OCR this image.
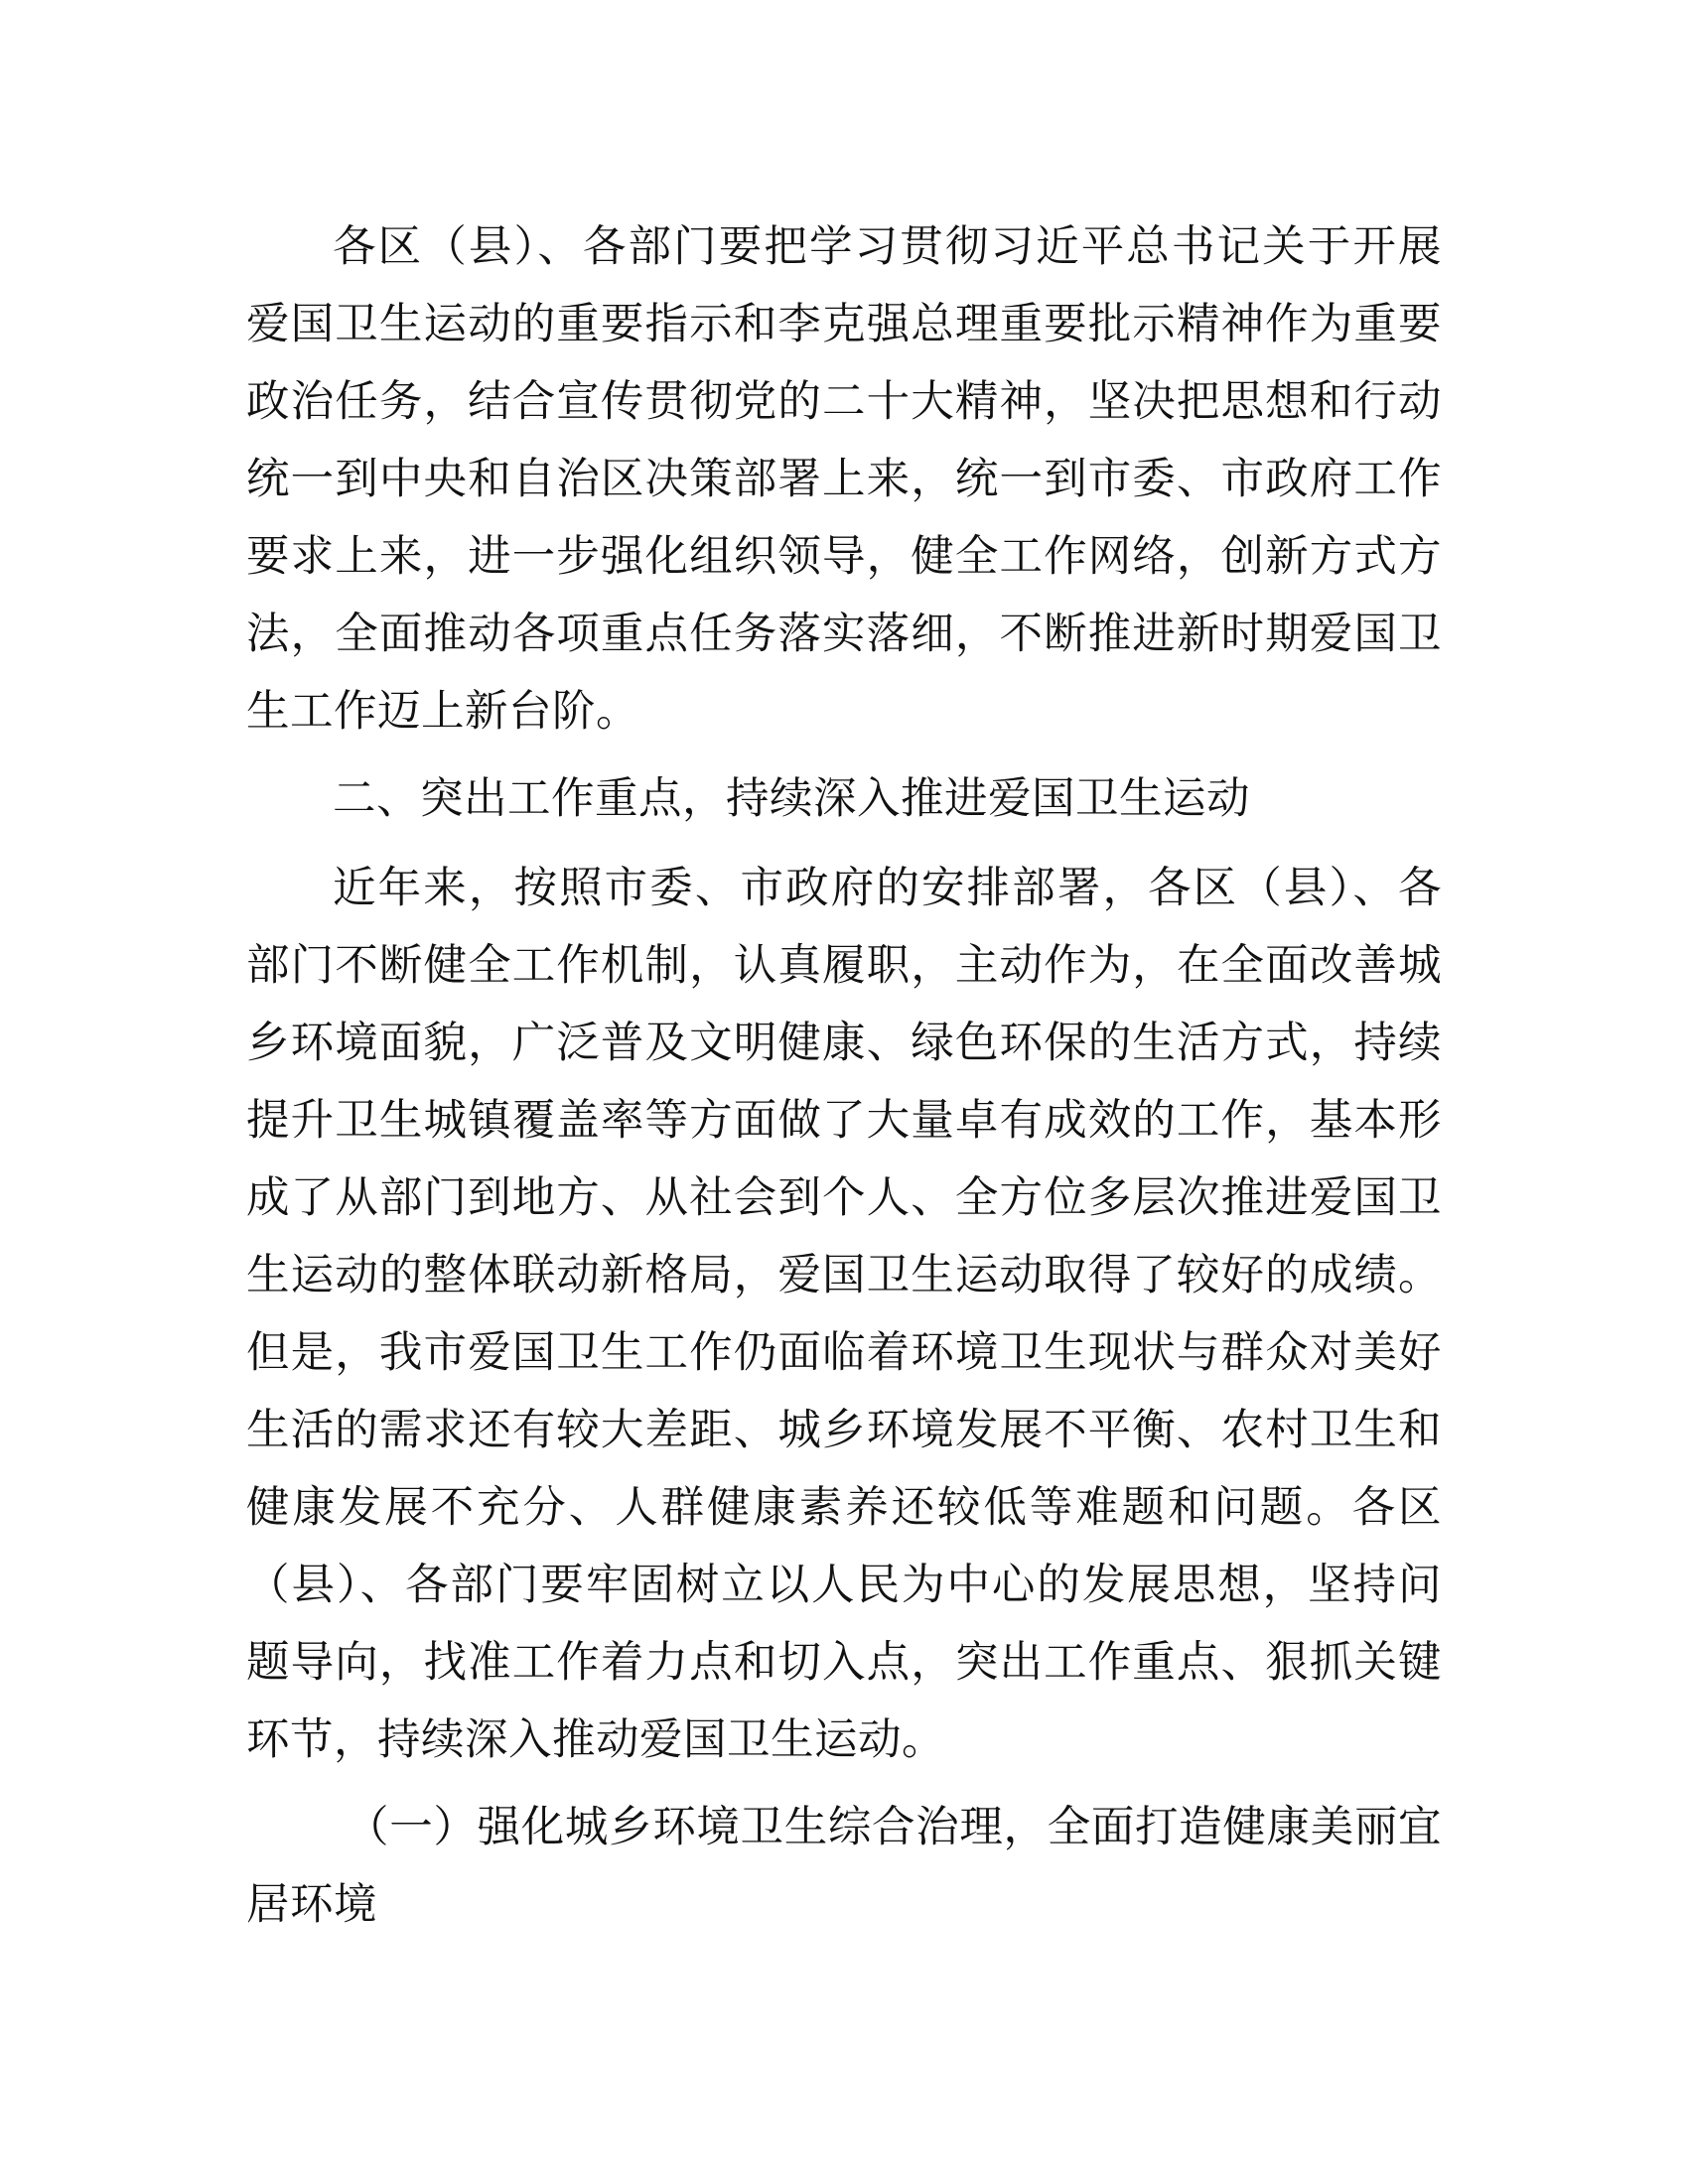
各区（县）、各部门要把学习贯彻习近平总书记关于开展爱国卫生运动的重要指示和李克强总理重要批示精神作为重要政治任务，结合宣传贯彻党的二十大精神，坚决把思想和行动统一到中央和自治区决策部署上来，统一到市委、市政府工作要求上来，进一步强化组织领导，健全工作网络，创新方式方法，全面推动各项重点任务落实落细，不断推进新时期爱国卫生工作迈上新台阶。

二、突出工作重点，持续深入推进爱国卫生运动

近年来，按照市委、市政府的安排部署，各区（县）、各部门不断健全工作机制，认真履职，主动作为，在全面改善城乡环境面貌，广泛普及文明健康、绿色环保的生活方式，持续提升卫生城镇覆盖率等方面做了大量卓有成效的工作，基本形成了从部门到地方、从社会到个人、全方位多层次推进爱国卫生运动的整体联动新格局，爱国卫生运动取得了较好的成绩。但是，我市爱国卫生工作仍面临着环境卫生现状与群众对美好生活的需求还有较大差距、城乡环境发展不平衡、农村卫生和健康发展不充分、人群健康素养还较低等难题和问题。各区（县）、各部门要牢固树立以人民为中心的发展思想，坚持问题导向，找准工作着力点和切入点，突出工作重点、狠抓关键环节，持续深入推动爱国卫生运动。

（一）强化城乡环境卫生综合治理，全面打造健康美丽宜居环境
